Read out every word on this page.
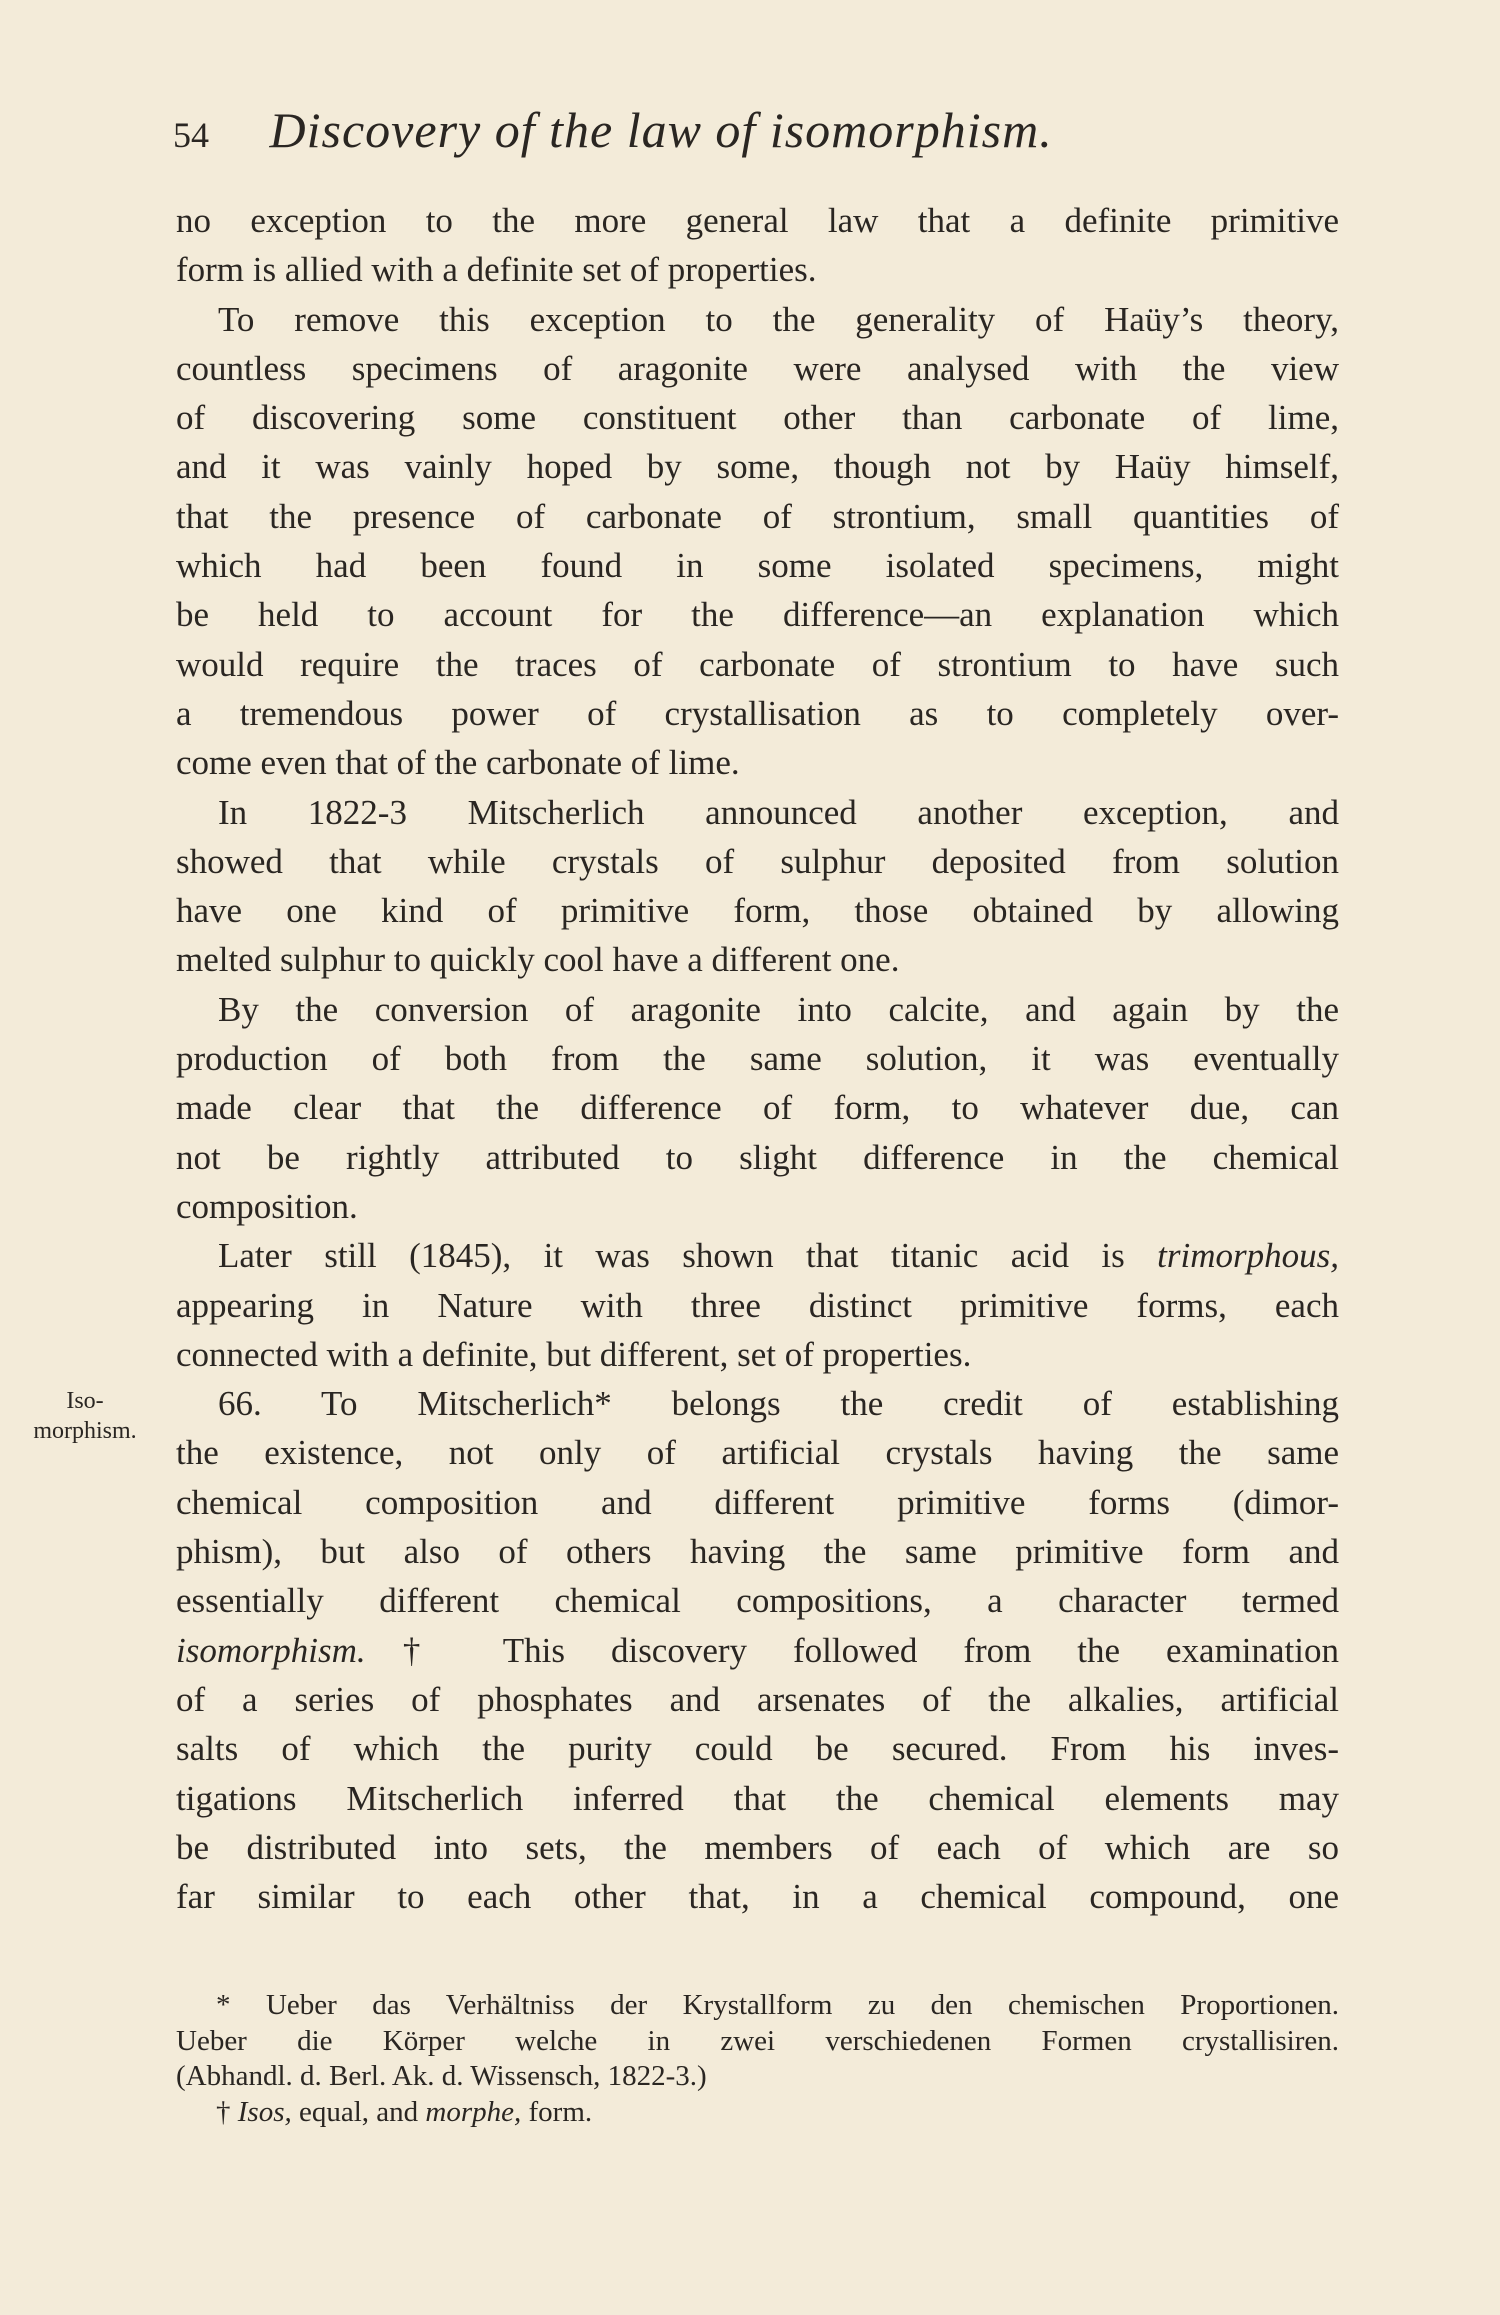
54 Discovery of the law of isomorphism.
Iso-
morphism.
no exception to the more general law that a definite primitive
form is allied with a definite set of properties.
To remove this exception to the generality of Haüy’s theory,
countless specimens of aragonite were analysed with the view
of discovering some constituent other than carbonate of lime,
and it was vainly hoped by some, though not by Haüy himself,
that the presence of carbonate of strontium, small quantities of
which had been found in some isolated specimens, might
be held to account for the difference—an explanation which
would require the traces of carbonate of strontium to have such
a tremendous power of crystallisation as to completely over-
come even that of the carbonate of lime.
In 1822-3 Mitscherlich announced another exception, and
showed that while crystals of sulphur deposited from solution
have one kind of primitive form, those obtained by allowing
melted sulphur to quickly cool have a different one.
By the conversion of aragonite into calcite, and again by the
production of both from the same solution, it was eventually
made clear that the difference of form, to whatever due, can
not be rightly attributed to slight difference in the chemical
composition.
Later still (1845), it was shown that titanic acid is trimorphous,
appearing in Nature with three distinct primitive forms, each
connected with a definite, but different, set of properties.
66. To Mitscherlich* belongs the credit of establishing
the existence, not only of artificial crystals having the same
chemical composition and different primitive forms (dimor-
phism), but also of others having the same primitive form and
essentially different chemical compositions, a character termed
isomorphism.† This discovery followed from the examination
of a series of phosphates and arsenates of the alkalies, artificial
salts of which the purity could be secured. From his inves-
tigations Mitscherlich inferred that the chemical elements may
be distributed into sets, the members of each of which are so
far similar to each other that, in a chemical compound, one
* Ueber das Verhältniss der Krystallform zu den chemischen Proportionen.
Ueber die Körper welche in zwei verschiedenen Formen crystallisiren.
(Abhandl. d. Berl. Ak. d. Wissensch, 1822-3.)
† Isos, equal, and morphe, form.
